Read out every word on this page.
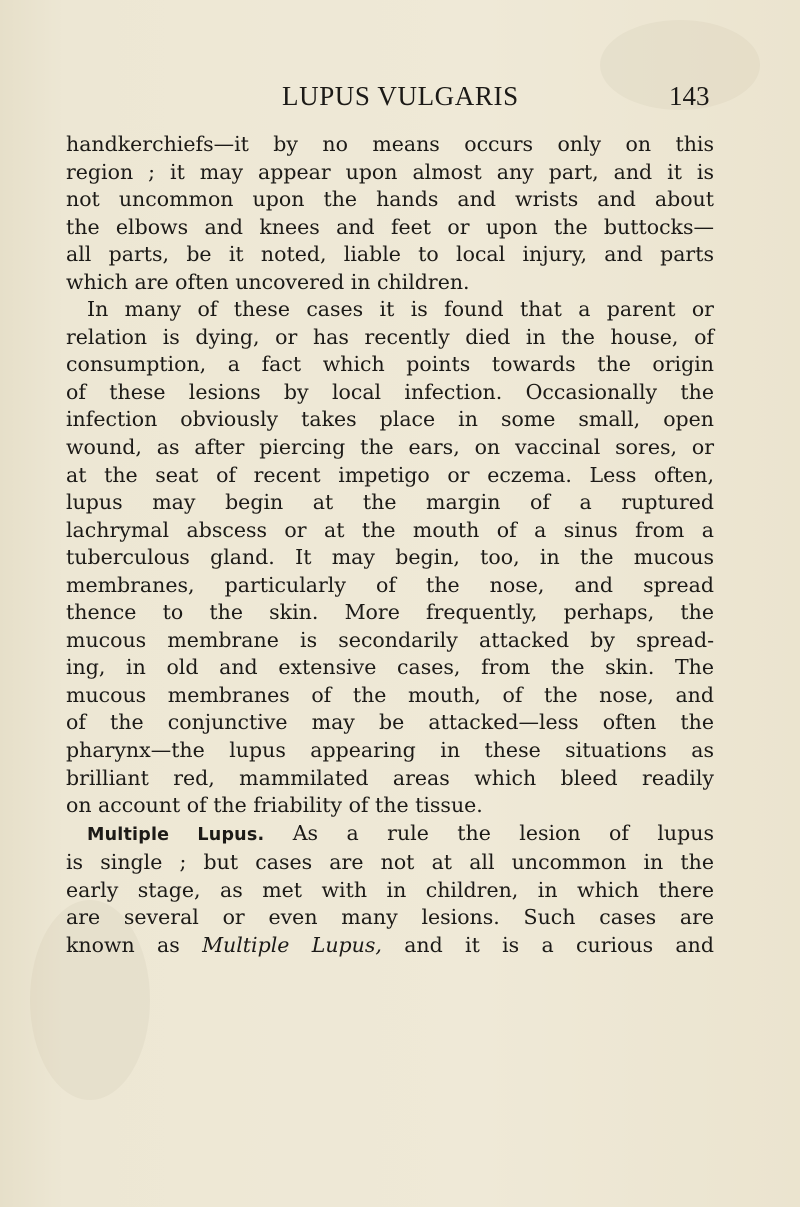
LUPUS VULGARIS	143

handkerchiefs—it by no means occurs only on this

region ; it may appear upon almost any part, and it is

not uncommon upon the hands and wrists and about

the elbows and knees and feet or upon the buttocks—

all parts, be it noted, liable to local injury, and parts

which are often uncovered in children.

In many of these cases it is found that a parent or

relation is dying, or has recently died in the house, of

consumption, a fact which points towards the origin

of these lesions by local infection. Occasionally the

infection obviously takes place in some small, open

wound, as after piercing the ears, on vaccinal sores, or

at the seat of recent impetigo or eczema. Less often,

lupus may begin at the margin of a ruptured

lachrymal abscess or at the mouth of a sinus from a

tuberculous gland. It may begin, too, in the mucous

membranes, particularly of the nose, and spread

thence to the skin. More frequently, perhaps, the

mucous membrane is secondarily attacked by spread-

ing, in old and extensive cases, from the skin. The

mucous membranes of the mouth, of the nose, and

of the conjunctive may be attacked—less often the

pharynx—the lupus appearing in these situations as

brilliant red, mammilated areas which bleed readily

on account of the friability of the tissue.

Multiple Lupus. As a rule the lesion of lupus

is single ; but cases are not at all uncommon in the

early stage, as met with in children, in which there

are several or even many lesions. Such cases are

known as Multiple Lupus, and it is a curious and
